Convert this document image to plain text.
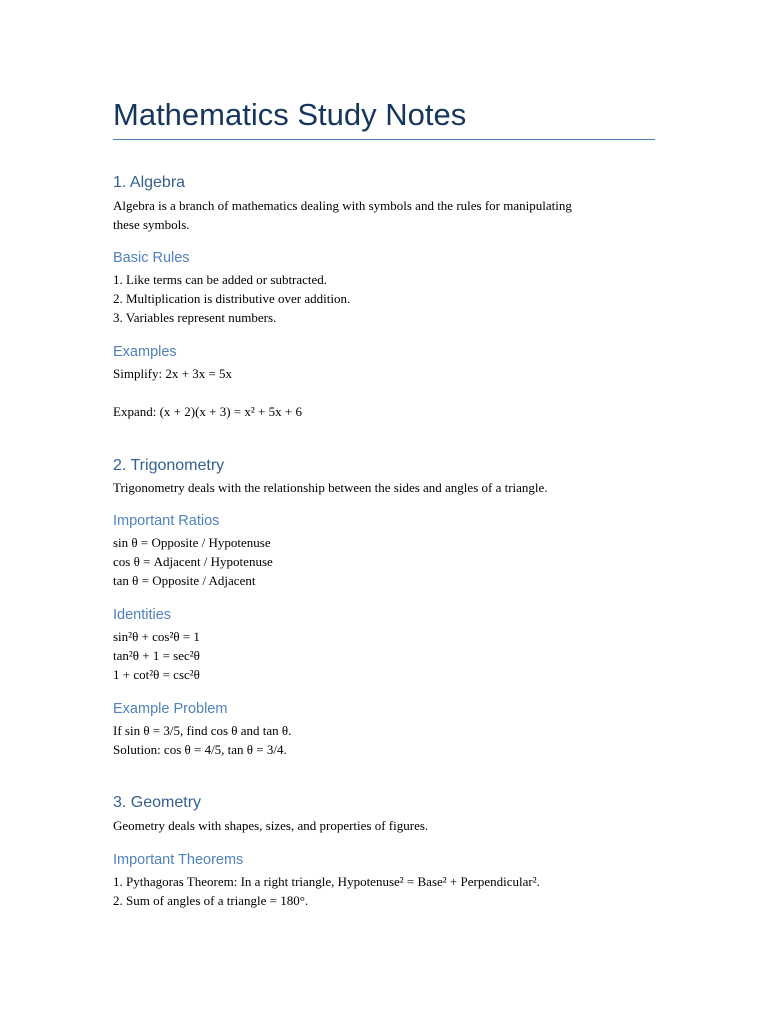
Mathematics Study Notes
1. Algebra
Algebra is a branch of mathematics dealing with symbols and the rules for manipulating
these symbols.
Basic Rules
1. Like terms can be added or subtracted.
2. Multiplication is distributive over addition.
3. Variables represent numbers.
Examples
Simplify: 2x + 3x = 5x
Expand: (x + 2)(x + 3) = x² + 5x + 6
2. Trigonometry
Trigonometry deals with the relationship between the sides and angles of a triangle.
Important Ratios
sin θ = Opposite / Hypotenuse
cos θ = Adjacent / Hypotenuse
tan θ = Opposite / Adjacent
Identities
sin²θ + cos²θ = 1
tan²θ + 1 = sec²θ
1 + cot²θ = csc²θ
Example Problem
If sin θ = 3/5, find cos θ and tan θ.
Solution: cos θ = 4/5, tan θ = 3/4.
3. Geometry
Geometry deals with shapes, sizes, and properties of figures.
Important Theorems
1. Pythagoras Theorem: In a right triangle, Hypotenuse² = Base² + Perpendicular².
2. Sum of angles of a triangle = 180°.
